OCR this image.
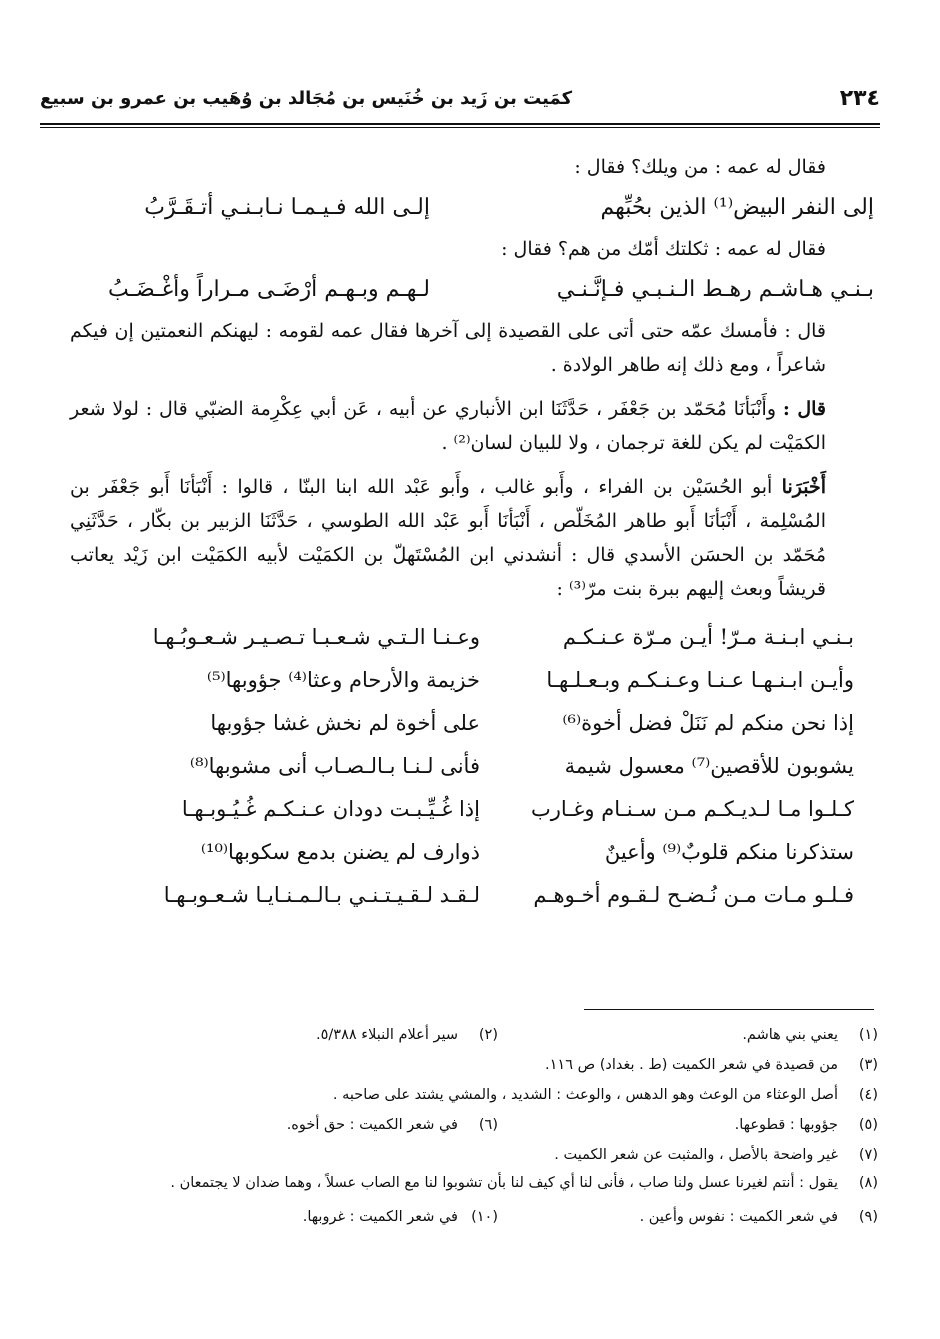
٢٣٤
كمَيت بن زَيد بن خُنَيس بن مُجَالد بن وُهَيب بن عمرو بن سبيع

فقال له عمه : من ويلك؟ فقال :

إلى النفر البيض⁽¹⁾ الذين بحُبِّهم
إلـى الله فـيـمـا نـابـنـي أتـقَـرَّبُ

فقال له عمه : ثكلتك أمّك من هم؟ فقال :

بـنـي هـاشـم رهـط الـنـبـي فـإنَّـنـي
لـهـم وبـهـم أرْضَـى مـراراً وأغْـضَـبُ

قال : فأمسك عمّه حتى أتى على القصيدة إلى آخرها فقال عمه لقومه : ليهنكم النعمتين إن فيكم شاعراً ، ومع ذلك إنه طاهر الولادة .

قال : وأَنْبَأنَا مُحَمّد بن جَعْفَر ، حَدَّثَنَا ابن الأنباري عن أبيه ، عَن أبي عِكْرِمة الضبّي قال : لولا شعر الكمَيْت لم يكن للغة ترجمان ، ولا للبيان لسان⁽²⁾ .

أَخْبَرَنا أبو الحُسَيْن بن الفراء ، وأَبو غالب ، وأَبو عَبْد الله ابنا البنّا ، قالوا : أَنْبَأنَا أَبو جَعْفَر بن المُسْلِمة ، أَنْبَأنَا أَبو طاهر المُخَلّص ، أَنْبَأنَا أَبو عَبْد الله الطوسي ، حَدَّثَنَا الزبير بن بكّار ، حَدَّثَنِي مُحَمّد بن الحسَن الأسدي قال : أنشدني ابن المُسْتَهلّ بن الكمَيْت لأبيه الكمَيْت ابن زَيْد يعاتب قريشاً وبعث إليهم ببرة بنت مرّ⁽³⁾ :

بـنـي ابـنـة مـرّ! أيـن مـرّة عـنـكـم
وعـنـا الـتـي شـعـبـا تـصـيـر شـعـوبُـهـا
وأيـن ابـنـهـا عـنـا وعـنـكـم وبـعـلـهـا
خزيمة والأرحام وعثا⁽⁴⁾ جؤوبها⁽⁵⁾
إذا نحن منكم لم نَنَلْ فضل أخوة⁽⁶⁾
على أخوة لم نخش غشا جؤوبها
يشوبون للأقصين⁽⁷⁾ معسول شيمة
فأنى لـنـا بـالـصـاب أنى مشوبها⁽⁸⁾
كـلـوا مـا لـديـكـم مـن سـنـام وغـارب
إذا غُـيِّـبـت دودان عـنـكـم غُـيُـوبـهـا
ستذكرنا منكم قلوبٌ⁽⁹⁾ وأعينٌ
ذوارف لم يضنن بدمع سكوبها⁽¹⁰⁾
فـلـو مـات مـن نُـضـح لـقـوم أخـوهـم
لـقـد لـقـيـتـنـي بـالـمـنـايـا شـعـوبـهـا
(١)
يعني بني هاشم.
(٢)
سير أعلام النبلاء ٥/٣٨٨.
(٣)
من قصيدة في شعر الكميت (ط . بغداد) ص ١١٦.
(٤)
أصل الوعثاء من الوعث وهو الدهس ، والوعث : الشديد ، والمشي يشتد على صاحبه .
(٥)
جؤوبها : قطوعها.
(٦)
في شعر الكميت : حق أخوه.
(٧)
غير واضحة بالأصل ، والمثبت عن شعر الكميت .
(٨)
يقول : أنتم لغيرنا عسل ولنا صاب ، فأنى لنا أي كيف لنا بأن تشوبوا لنا مع الصاب عسلاً ، وهما ضدان لا يجتمعان .
(٩)
في شعر الكميت : نفوس وأعين .
(١٠)
في شعر الكميت : غروبها.
